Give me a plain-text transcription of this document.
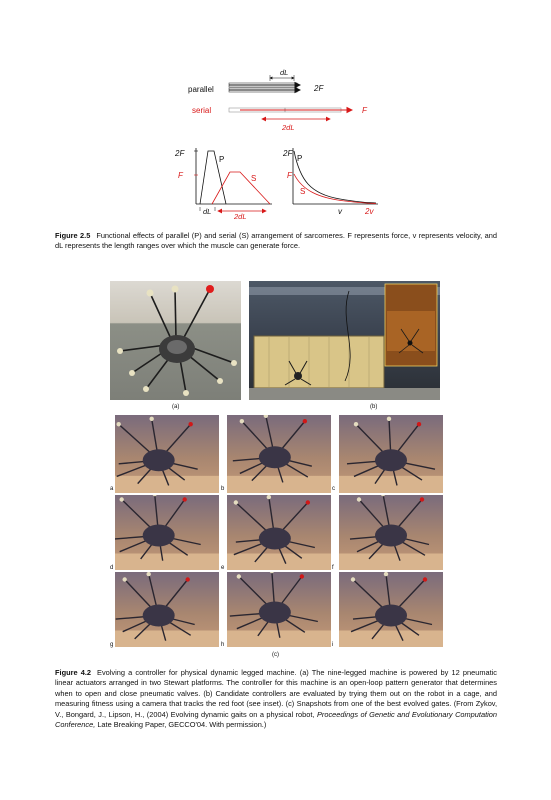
parallel
dL
2F
serial	F
2dL
2F
F
P
S
dL
2dL
2F
F
P
S
v	2v
Figure 2.5 Functional effects of parallel (P) and serial (S) arrangement of sarcomeres. F represents force, v represents velocity, and dL represents the length ranges over which the muscle can generate force.
(a)	(b)
a	b	c
d	e	f
g	h	i
(c)
Figure 4.2 Evolving a controller for physical dynamic legged machine. (a) The nine-legged machine is powered by 12 pneumatic linear actuators arranged in two Stewart platforms. The controller for this machine is an open-loop pattern generator that determines when to open and close pneumatic valves. (b) Candidate controllers are evaluated by trying them out on the robot in a cage, and measuring fitness using a camera that tracks the red foot (see inset). (c) Snapshots from one of the best evolved gates. (From Zykov, V., Bongard, J., Lipson, H., (2004) Evolving dynamic gaits on a physical robot, Proceedings of Genetic and Evolutionary Computation Conference, Late Breaking Paper, GECCO'04. With permission.)
